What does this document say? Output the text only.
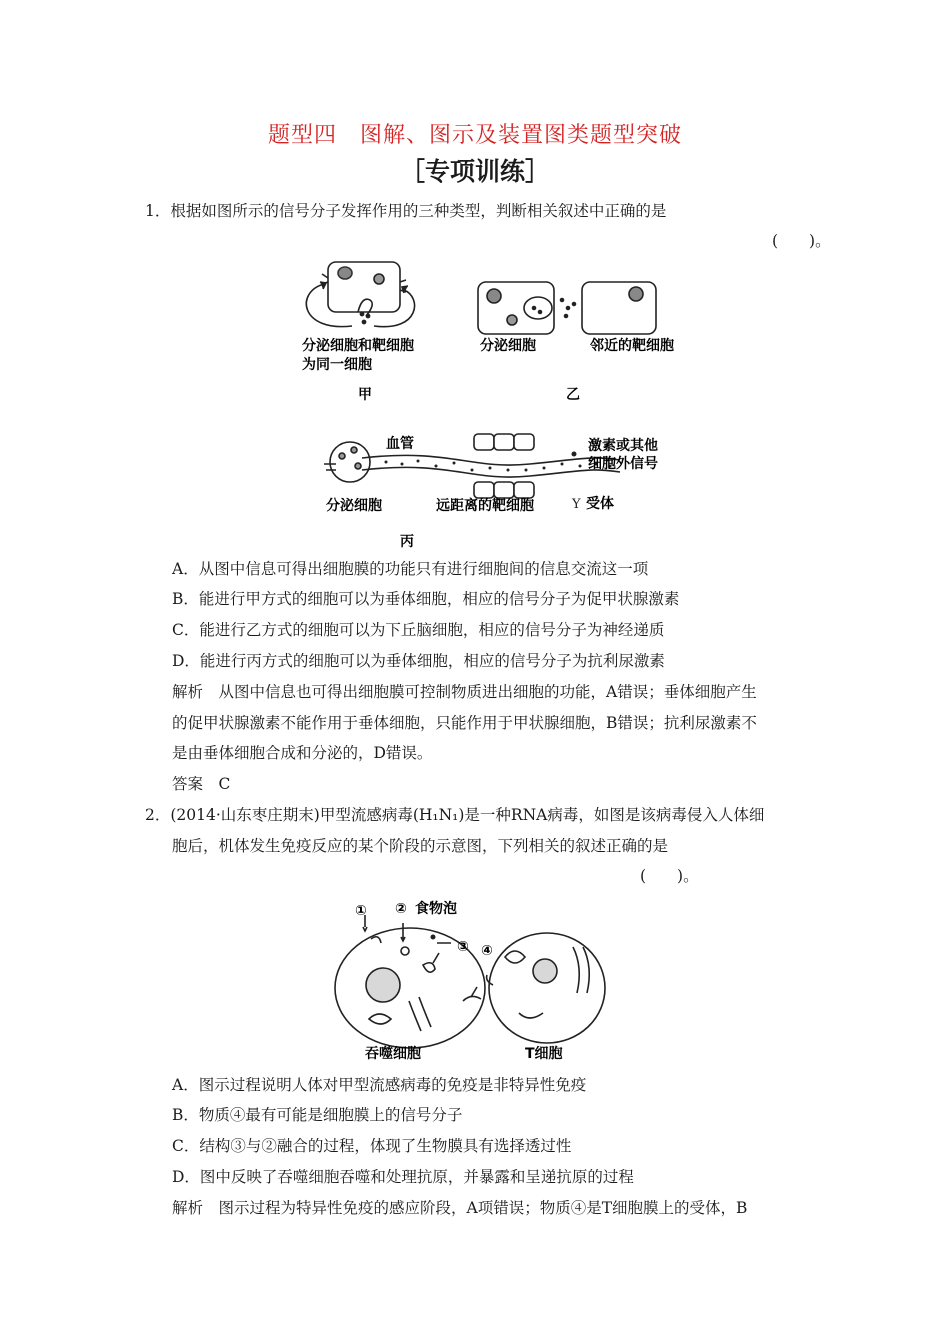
题型四　图解、图示及装置图类题型突破
［专项训练］
1．根据如图所示的信号分子发挥作用的三种类型，判断相关叙述中正确的是
(　　)。
分泌细胞和靶细胞
为同一细胞
甲
分泌细胞	邻近的靶细胞
乙
血管	激素或其他
细胞外信号
Y 受体
分泌细胞	远距离的靶细胞
丙
A．从图中信息可得出细胞膜的功能只有进行细胞间的信息交流这一项
B．能进行甲方式的细胞可以为垂体细胞，相应的信号分子为促甲状腺激素
C．能进行乙方式的细胞可以为下丘脑细胞，相应的信号分子为神经递质
D．能进行丙方式的细胞可以为垂体细胞，相应的信号分子为抗利尿激素
解析　从图中信息也可得出细胞膜可控制物质进出细胞的功能，A错误；垂体细胞产生
的促甲状腺激素不能作用于垂体细胞，只能作用于甲状腺细胞，B错误；抗利尿激素不
是由垂体细胞合成和分泌的，D错误。
答案　C
2．(2014·山东枣庄期末)甲型流感病毒(H₁N₁)是一种RNA病毒，如图是该病毒侵入人体细
胞后，机体发生免疫反应的某个阶段的示意图，下列相关的叙述正确的是
(　　)。
① ② 食物泡
③ ④
吞噬细胞	T细胞
A．图示过程说明人体对甲型流感病毒的免疫是非特异性免疫
B．物质④最有可能是细胞膜上的信号分子
C．结构③与②融合的过程，体现了生物膜具有选择透过性
D．图中反映了吞噬细胞吞噬和处理抗原，并暴露和呈递抗原的过程
解析　图示过程为特异性免疫的感应阶段，A项错误；物质④是T细胞膜上的受体，B
